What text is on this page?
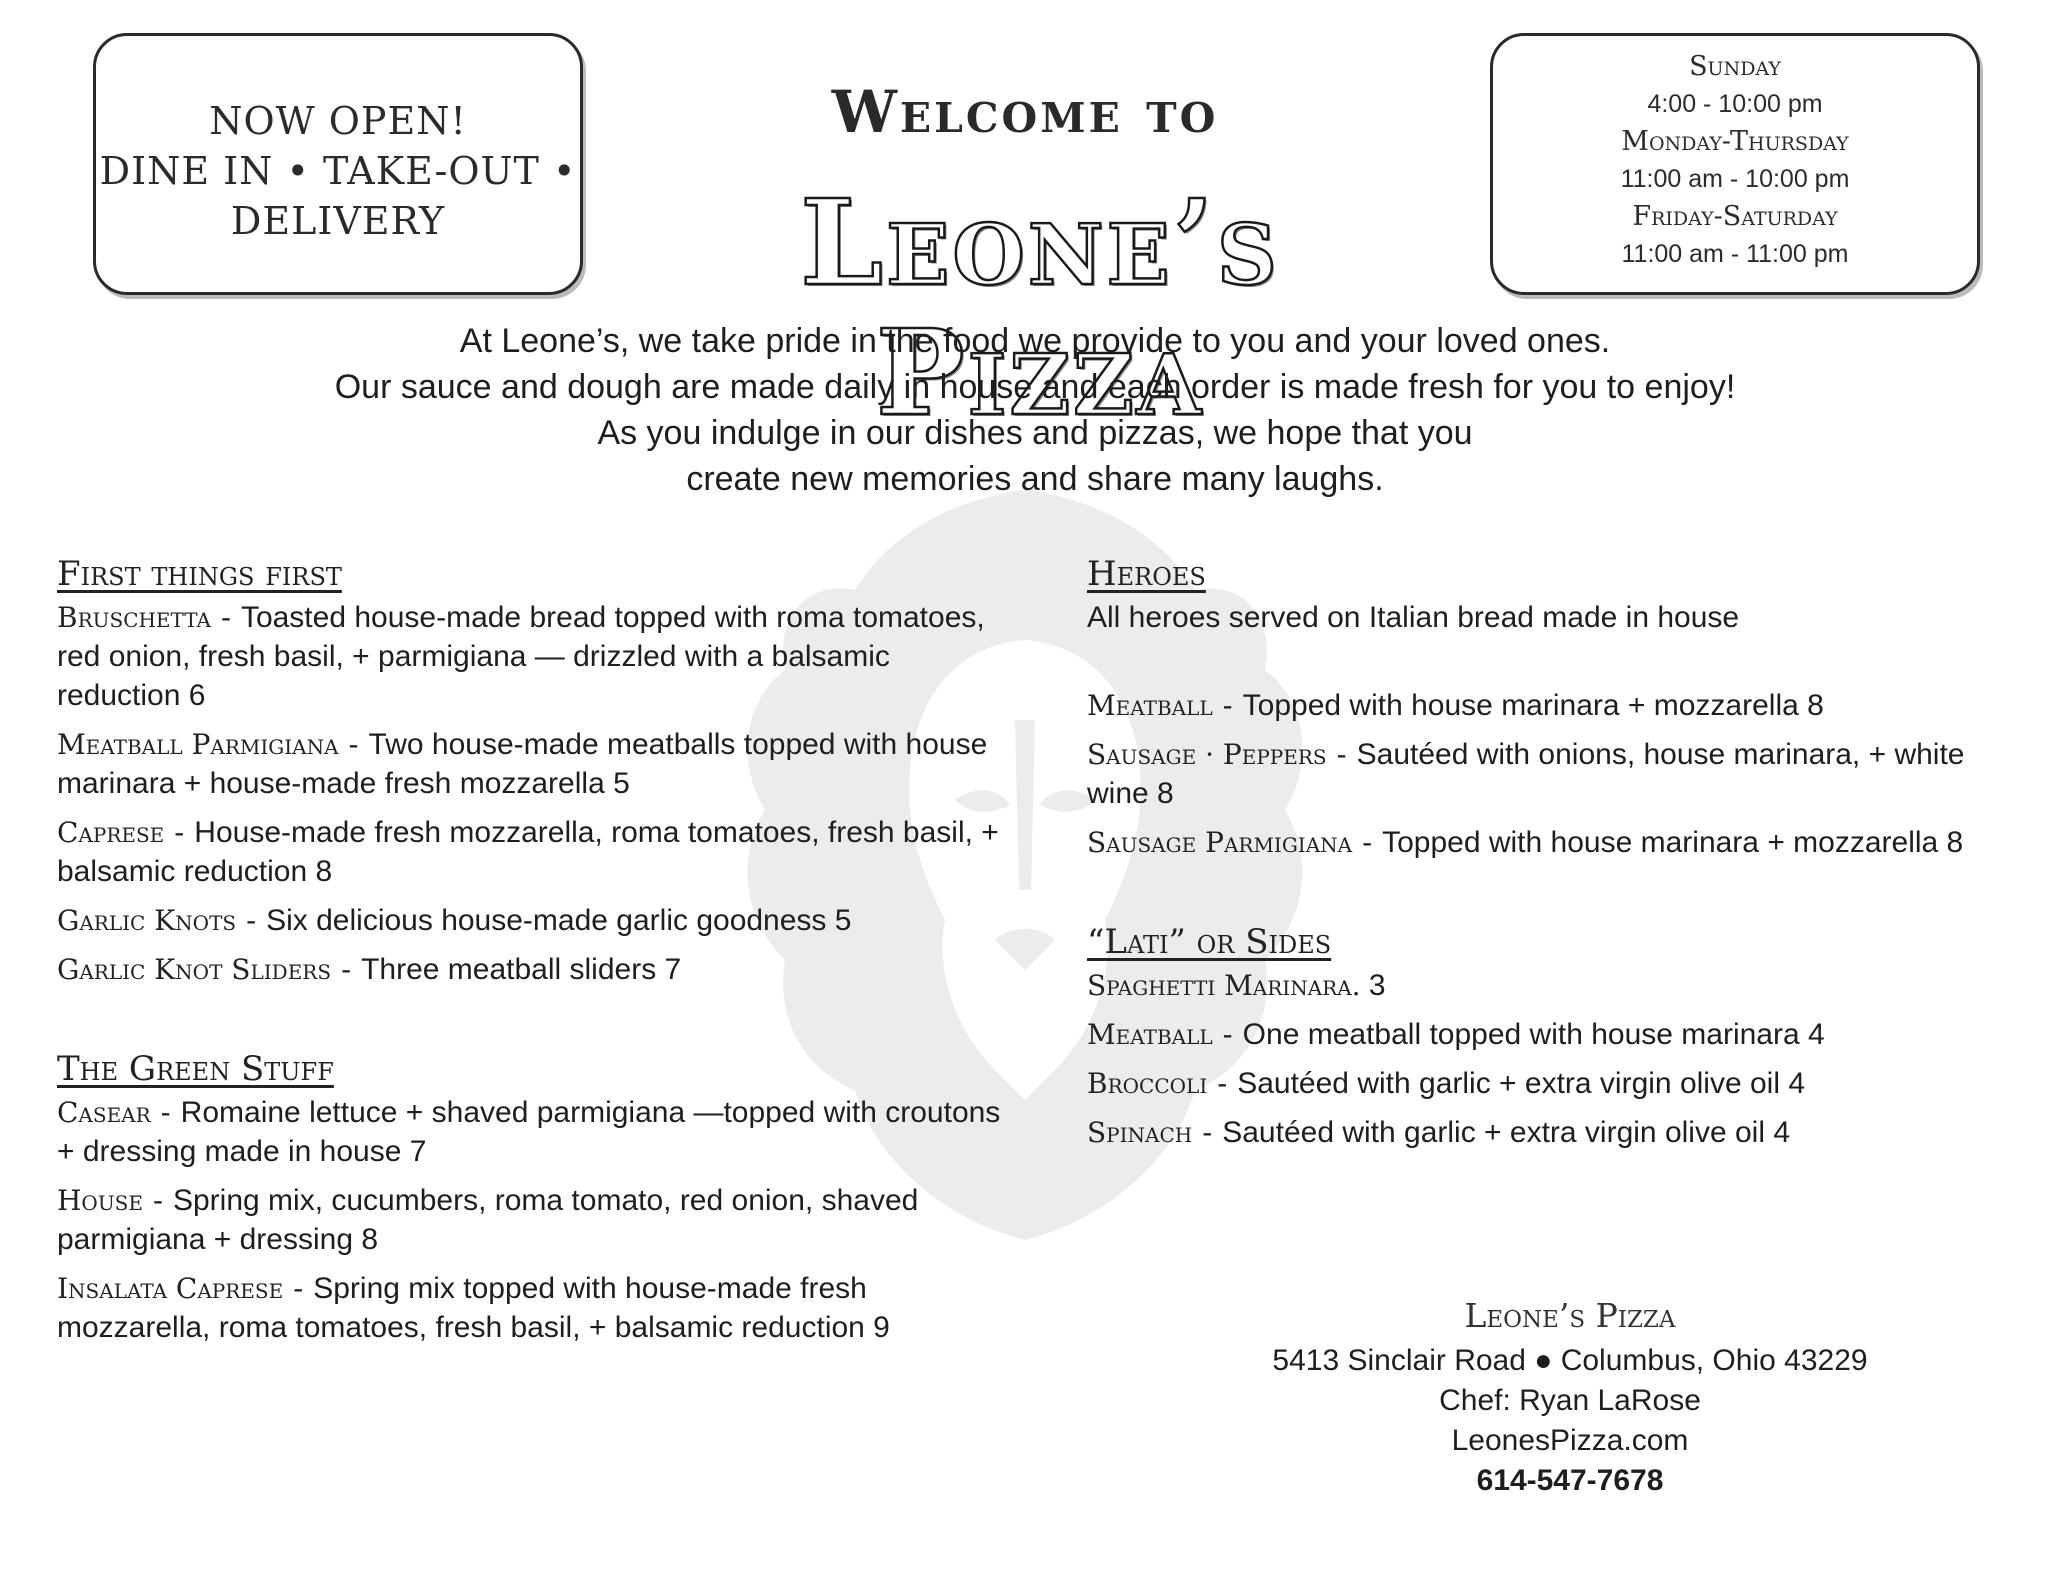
NOW OPEN!
DINE IN • TAKE-OUT •
DELIVERY
Welcome to
Leone’s Pizza
Sunday
4:00 - 10:00 pm
Monday-Thursday
11:00 am - 10:00 pm
Friday-Saturday
11:00 am - 11:00 pm
At Leone’s, we take pride in the food we provide to you and your loved ones.
Our sauce and dough are made daily in house and each order is made fresh for you to enjoy!
As you indulge in our dishes and pizzas, we hope that you
create new memories and share many laughs.
First things first
Bruschetta - Toasted house-made bread topped with roma tomatoes, red onion, fresh basil, + parmigiana — drizzled with a balsamic reduction 6
Meatball Parmigiana - Two house-made meatballs topped with house marinara + house-made fresh mozzarella 5
Caprese - House-made fresh mozzarella, roma tomatoes, fresh basil, + balsamic reduction 8
Garlic Knots - Six delicious house-made garlic goodness 5
Garlic Knot Sliders - Three meatball sliders 7
The Green Stuff
Casear - Romaine lettuce + shaved parmigiana —topped with croutons + dressing made in house 7
House - Spring mix, cucumbers, roma tomato, red onion, shaved parmigiana + dressing 8
Insalata Caprese - Spring mix topped with house-made fresh mozzarella, roma tomatoes, fresh basil, + balsamic reduction 9
Heroes
All heroes served on Italian bread made in house
Meatball - Topped with house marinara + mozzarella 8
Sausage · Peppers - Sautéed with onions, house marinara, + white wine 8
Sausage Parmigiana - Topped with house marinara + mozzarella 8
“Lati” or Sides
Spaghetti Marinara. 3
Meatball - One meatball topped with house marinara 4
Broccoli - Sautéed with garlic + extra virgin olive oil 4
Spinach - Sautéed with garlic + extra virgin olive oil 4
Leone’s Pizza
5413 Sinclair Road ● Columbus, Ohio 43229
Chef: Ryan LaRose
LeonesPizza.com
614-547-7678
